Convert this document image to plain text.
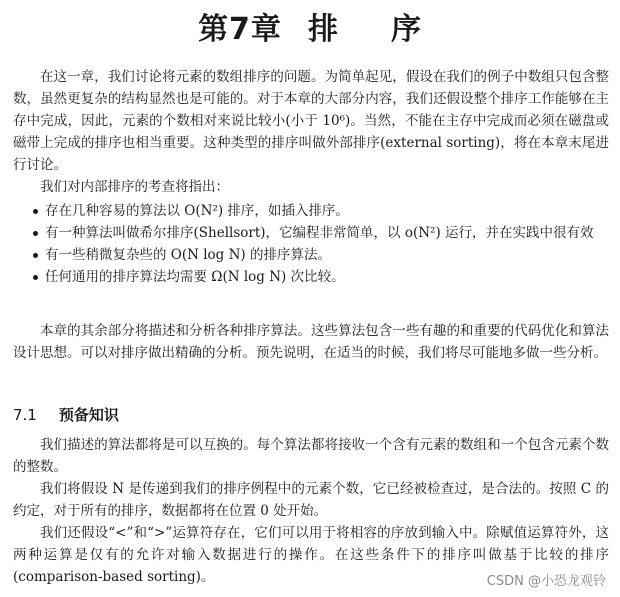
第7章 排 序

在这一章，我们讨论将元素的数组排序的问题。为简单起见，假设在我们的例子中数组只包含整数，虽然更复杂的结构显然也是可能的。对于本章的大部分内容，我们还假设整个排序工作能够在主存中完成，因此，元素的个数相对来说比较小(小于 10⁶)。当然，不能在主存中完成而必须在磁盘或磁带上完成的排序也相当重要。这种类型的排序叫做外部排序(external sorting)，将在本章末尾进行讨论。

我们对内部排序的考查将指出：

存在几种容易的算法以 O(N²) 排序，如插入排序。
有一种算法叫做希尔排序(Shellsort)，它编程非常简单，以 o(N²) 运行，并在实践中很有效
有一些稍微复杂些的 O(N log N) 的排序算法。
任何通用的排序算法均需要 Ω(N log N) 次比较。

本章的其余部分将描述和分析各种排序算法。这些算法包含一些有趣的和重要的代码优化和算法设计思想。可以对排序做出精确的分析。预先说明，在适当的时候，我们将尽可能地多做一些分析。

7.1 预备知识

我们描述的算法都将是可以互换的。每个算法都将接收一个含有元素的数组和一个包含元素个数的整数。

我们将假设 N 是传递到我们的排序例程中的元素个数，它已经被检查过，是合法的。按照 C 的约定，对于所有的排序，数据都将在位置 0 处开始。

我们还假设“<”和“>”运算符存在，它们可以用于将相容的序放到输入中。除赋值运算符外，这两种运算是仅有的允许对输入数据进行的操作。在这些条件下的排序叫做基于比较的排序(comparison-based sorting)。	CSDN @小恐龙观铃
